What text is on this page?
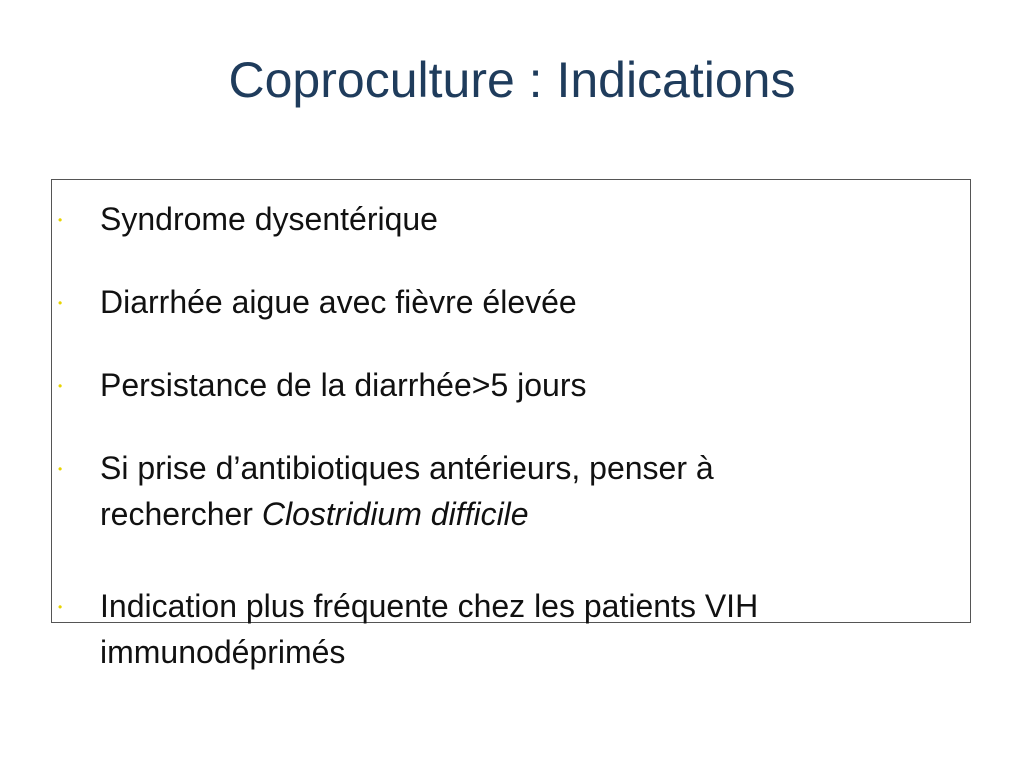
Coproculture : Indications
• Syndrome dysentérique
• Diarrhée aigue avec fièvre élevée
• Persistance de la diarrhée>5 jours
• Si prise d’antibiotiques antérieurs, penser à
rechercher Clostridium difficile
• Indication plus fréquente chez les patients VIH
immunodéprimés
